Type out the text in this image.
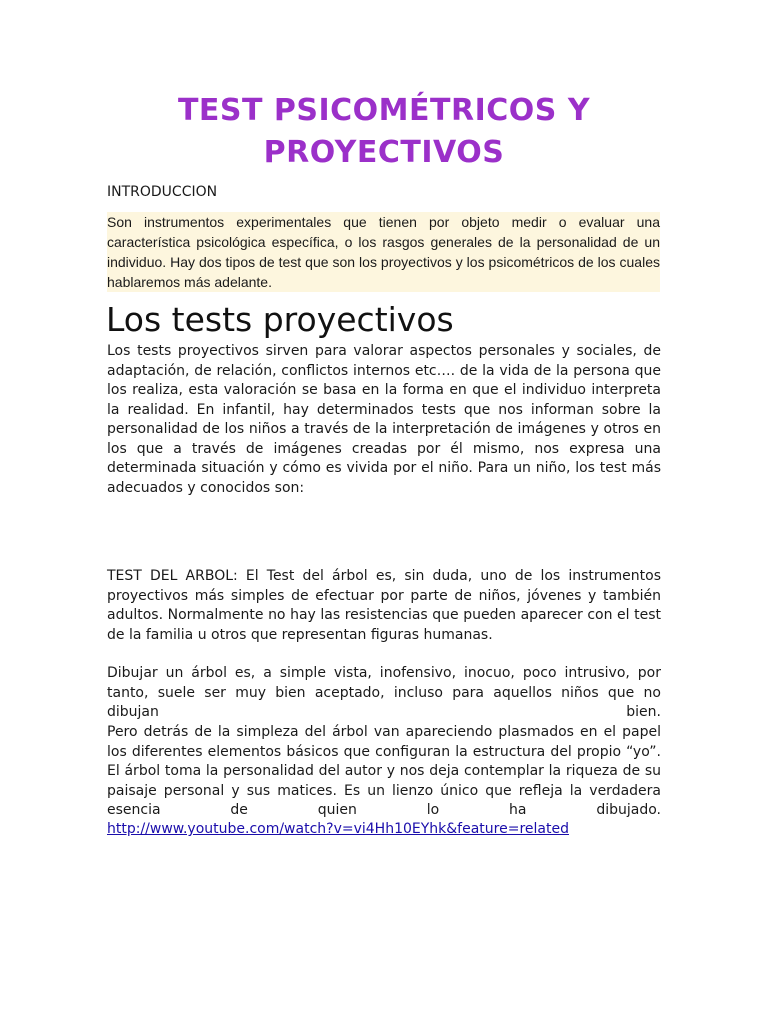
TEST PSICOMÉTRICOS Y
PROYECTIVOS
INTRODUCCION
Son instrumentos experimentales que tienen por objeto medir o evaluar una característica psicológica específica, o los rasgos generales de la personalidad de un individuo. Hay dos tipos de test que son los proyectivos y los psicométricos de los cuales hablaremos más adelante.
Los tests proyectivos
Los tests proyectivos sirven para valorar aspectos personales y sociales, de adaptación, de relación, conflictos internos etc…. de la vida de la persona que los realiza, esta valoración se basa en la forma en que el individuo interpreta la realidad. En infantil, hay determinados tests que nos informan sobre la personalidad de los niños a través de la interpretación de imágenes y otros en los que a través de imágenes creadas por él mismo, nos expresa una determinada situación y cómo es vivida por el niño. Para un niño, los test más adecuados y conocidos son:
TEST DEL ARBOL: El Test del árbol es, sin duda, uno de los instrumentos proyectivos más simples de efectuar por parte de niños, jóvenes y también adultos. Normalmente no hay las resistencias que pueden aparecer con el test de la familia u otros que representan figuras humanas.
Dibujar un árbol es, a simple vista, inofensivo, inocuo, poco intrusivo, por tanto, suele ser muy bien aceptado, incluso para aquellos niños que no dibujan bien.
Pero detrás de la simpleza del árbol van apareciendo plasmados en el papel los diferentes elementos básicos que configuran la estructura del propio “yo”. El árbol toma la personalidad del autor y nos deja contemplar la riqueza de su paisaje personal y sus matices. Es un lienzo único que refleja la verdadera esencia de quien lo ha dibujado.
http://www.youtube.com/watch?v=vi4Hh10EYhk&feature=related
